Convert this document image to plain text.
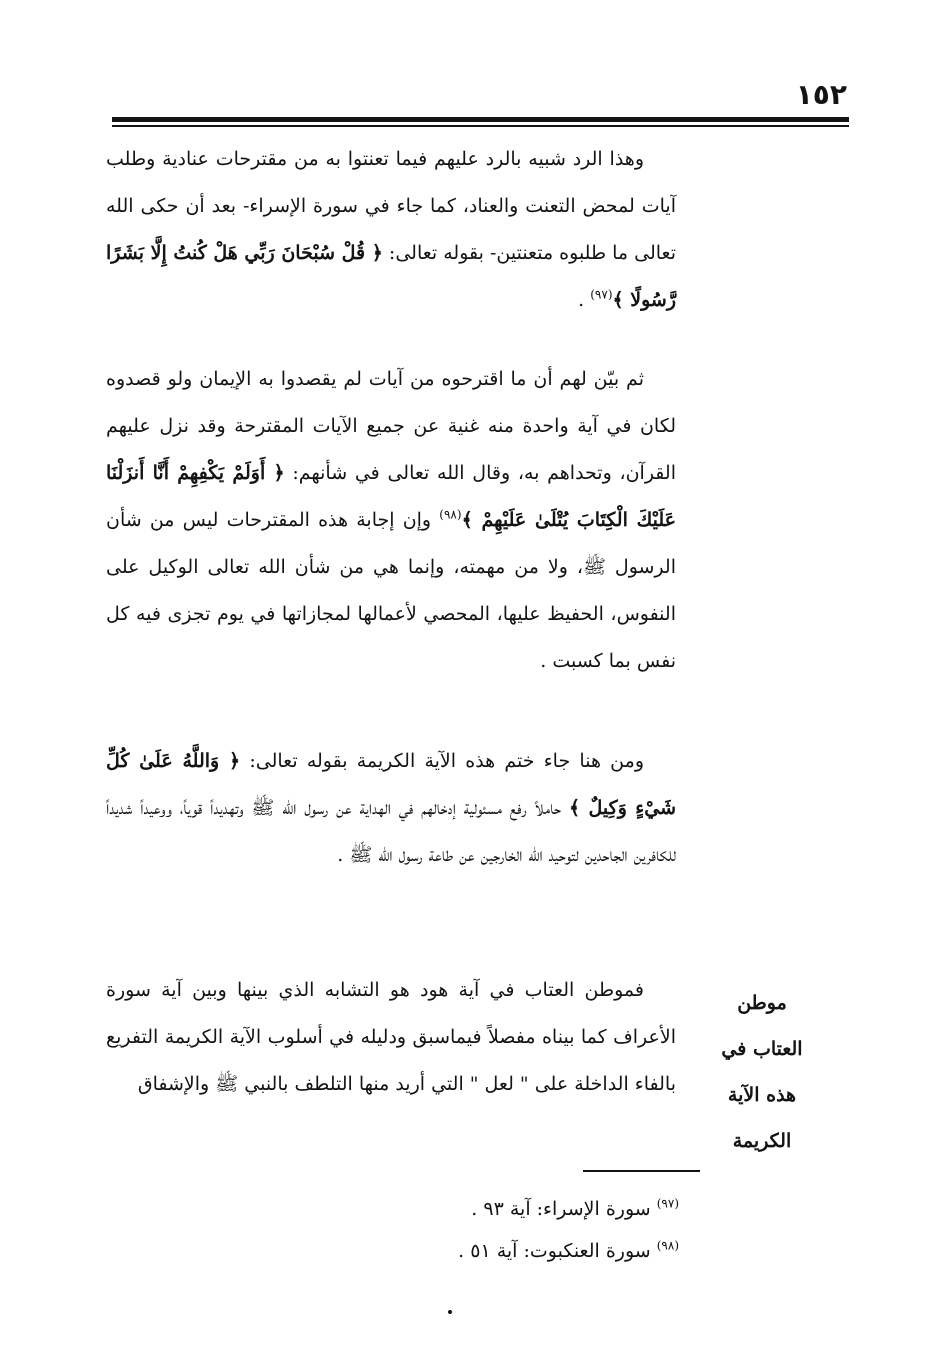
١٥٢

وهذا الرد شبيه بالرد عليهم فيما تعنتوا به من مقترحات عنادية وطلب آيات لمحض التعنت والعناد، كما جاء في سورة الإسراء- بعد أن حكى الله تعالى ما طلبوه متعنتين- بقوله تعالى: ﴿ قُلْ سُبْحَانَ رَبِّي هَلْ كُنتُ إِلَّا بَشَرًا رَّسُولًا ﴾$^{(٩٧)}$ .

ثم بيّن لهم أن ما اقترحوه من آيات لم يقصدوا به الإيمان ولو قصدوه لكان في آية واحدة منه غنية عن جميع الآيات المقترحة وقد نزل عليهم القرآن، وتحداهم به، وقال الله تعالى في شأنهم: ﴿ أَوَلَمْ يَكْفِهِمْ أَنَّا أَنزَلْنَا عَلَيْكَ الْكِتَابَ يُتْلَىٰ عَلَيْهِمْ ﴾$^{(٩٨)}$ وإن إجابة هذه المقترحات ليس من شأن الرسول ﷺ، ولا من مهمته، وإنما هي من شأن الله تعالى الوكيل على النفوس، الحفيظ عليها، المحصي لأعمالها لمجازاتها في يوم تجزى فيه كل نفس بما كسبت .

ومن هنا جاء ختم هذه الآية الكريمة بقوله تعالى: ﴿ وَاللَّهُ عَلَىٰ كُلِّ شَيْءٍ وَكِيلٌ ﴾ حاملاً رفع مسئولية إدخالهم في الهداية عن رسول الله ﷺ وتهديداً قوياً، ووعيداً شديداً للكافرين الجاحدين لتوحيد الله الخارجين عن طاعة رسول الله ﷺ .

فموطن العتاب في آية هود هو التشابه الذي بينها وبين آية سورة الأعراف كما بيناه مفصلاً فيماسبق ودليله في أسلوب الآية الكريمة التفريع بالفاء الداخلة على " لعل " التي أريد منها التلطف بالنبي ﷺ والإشفاق

موطن
العتاب في
هذه الآية
الكريمة
$^{(٩٧)}$ سورة الإسراء: آية ٩٣ .
$^{(٩٨)}$ سورة العنكبوت: آية ٥١ .
